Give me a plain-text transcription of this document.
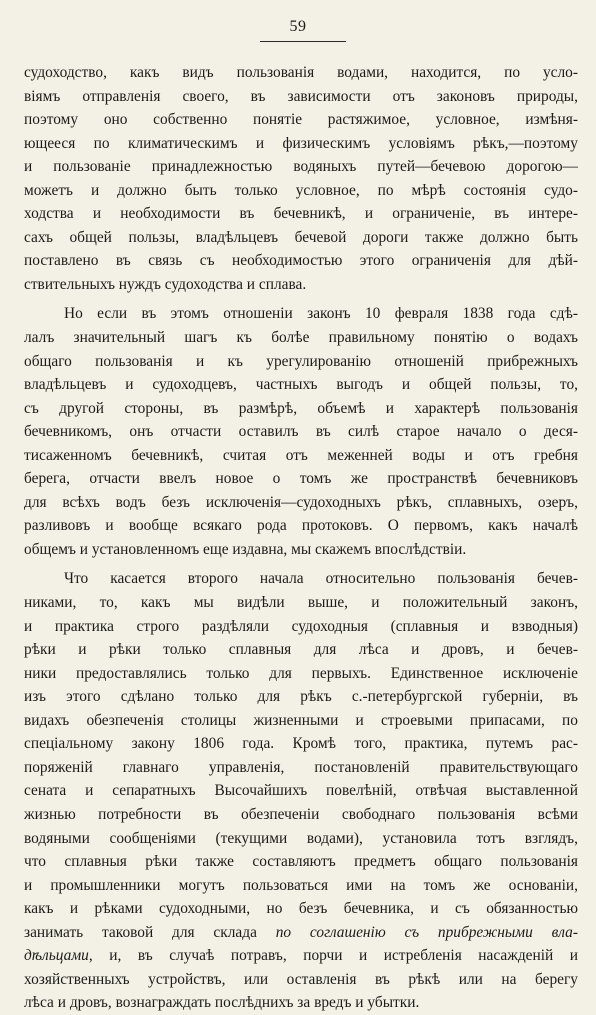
59
судоходство, какъ видъ пользованія водами, находится, по усло-
віямъ отправленія своего, въ зависимости отъ законовъ природы,
поэтому оно собственно понятіе растяжимое, условное, измѣня-
ющееся по климатическимъ и физическимъ условіямъ рѣкъ,—поэтому
и пользованіе принадлежностью водяныхъ путей—бечевою дорогою—
можетъ и должно быть только условное, по мѣрѣ состоянія судо-
ходства и необходимости въ бечевникѣ, и ограниченіе, въ интере-
сахъ общей пользы, владѣльцевъ бечевой дороги также должно быть
поставлено въ связь съ необходимостью этого ограниченія для дѣй-
ствительныхъ нуждъ судоходства и сплава.
Но если въ этомъ отношеніи законъ 10 февраля 1838 года сдѣ-
лалъ значительный шагъ къ болѣе правильному понятію о водахъ
общаго пользованія и къ урегулированію отношеній прибрежныхъ
владѣльцевъ и судоходцевъ, частныхъ выгодъ и общей пользы, то,
съ другой стороны, въ размѣрѣ, объемѣ и характерѣ пользованія
бечевникомъ, онъ отчасти оставилъ въ силѣ старое начало о деся-
тисаженномъ бечевникѣ, считая отъ меженней воды и отъ гребня
берега, отчасти ввелъ новое о томъ же пространствѣ бечевниковъ
для всѣхъ водъ безъ исключенія—судоходныхъ рѣкъ, сплавныхъ, озеръ,
разливовъ и вообще всякаго рода протоковъ. О первомъ, какъ началѣ
общемъ и установленномъ еще издавна, мы скажемъ впослѣдствіи.
Что касается второго начала относительно пользованія бечев-
никами, то, какъ мы видѣли выше, и положительный законъ,
и практика строго раздѣляли судоходныя (сплавныя и взводныя)
рѣки и рѣки только сплавныя для лѣса и дровъ, и бечев-
ники предоставлялись только для первыхъ. Единственное исключеніе
изъ этого сдѣлано только для рѣкъ с.-петербургской губерніи, въ
видахъ обезпеченія столицы жизненными и строевыми припасами, по
спеціальному закону 1806 года. Кромѣ того, практика, путемъ рас-
поряженій главнаго управленія, постановленій правительствующаго
сената и сепаратныхъ Высочайшихъ повелѣній, отвѣчая выставленной
жизнью потребности въ обезпеченіи свободнаго пользованія всѣми
водяными сообщеніями (текущими водами), установила тотъ взглядъ,
что сплавныя рѣки также составляютъ предметъ общаго пользованія
и промышленники могутъ пользоваться ими на томъ же основаніи,
какъ и рѣками судоходными, но безъ бечевника, и съ обязанностью
занимать таковой для склада по соглашенію съ прибрежными вла-
дѣльцами, и, въ случаѣ потравъ, порчи и истребленія насажденій и
хозяйственныхъ устройствъ, или оставленія въ рѣкѣ или на берегу
лѣса и дровъ, вознаграждать послѣднихъ за вредъ и убытки.
